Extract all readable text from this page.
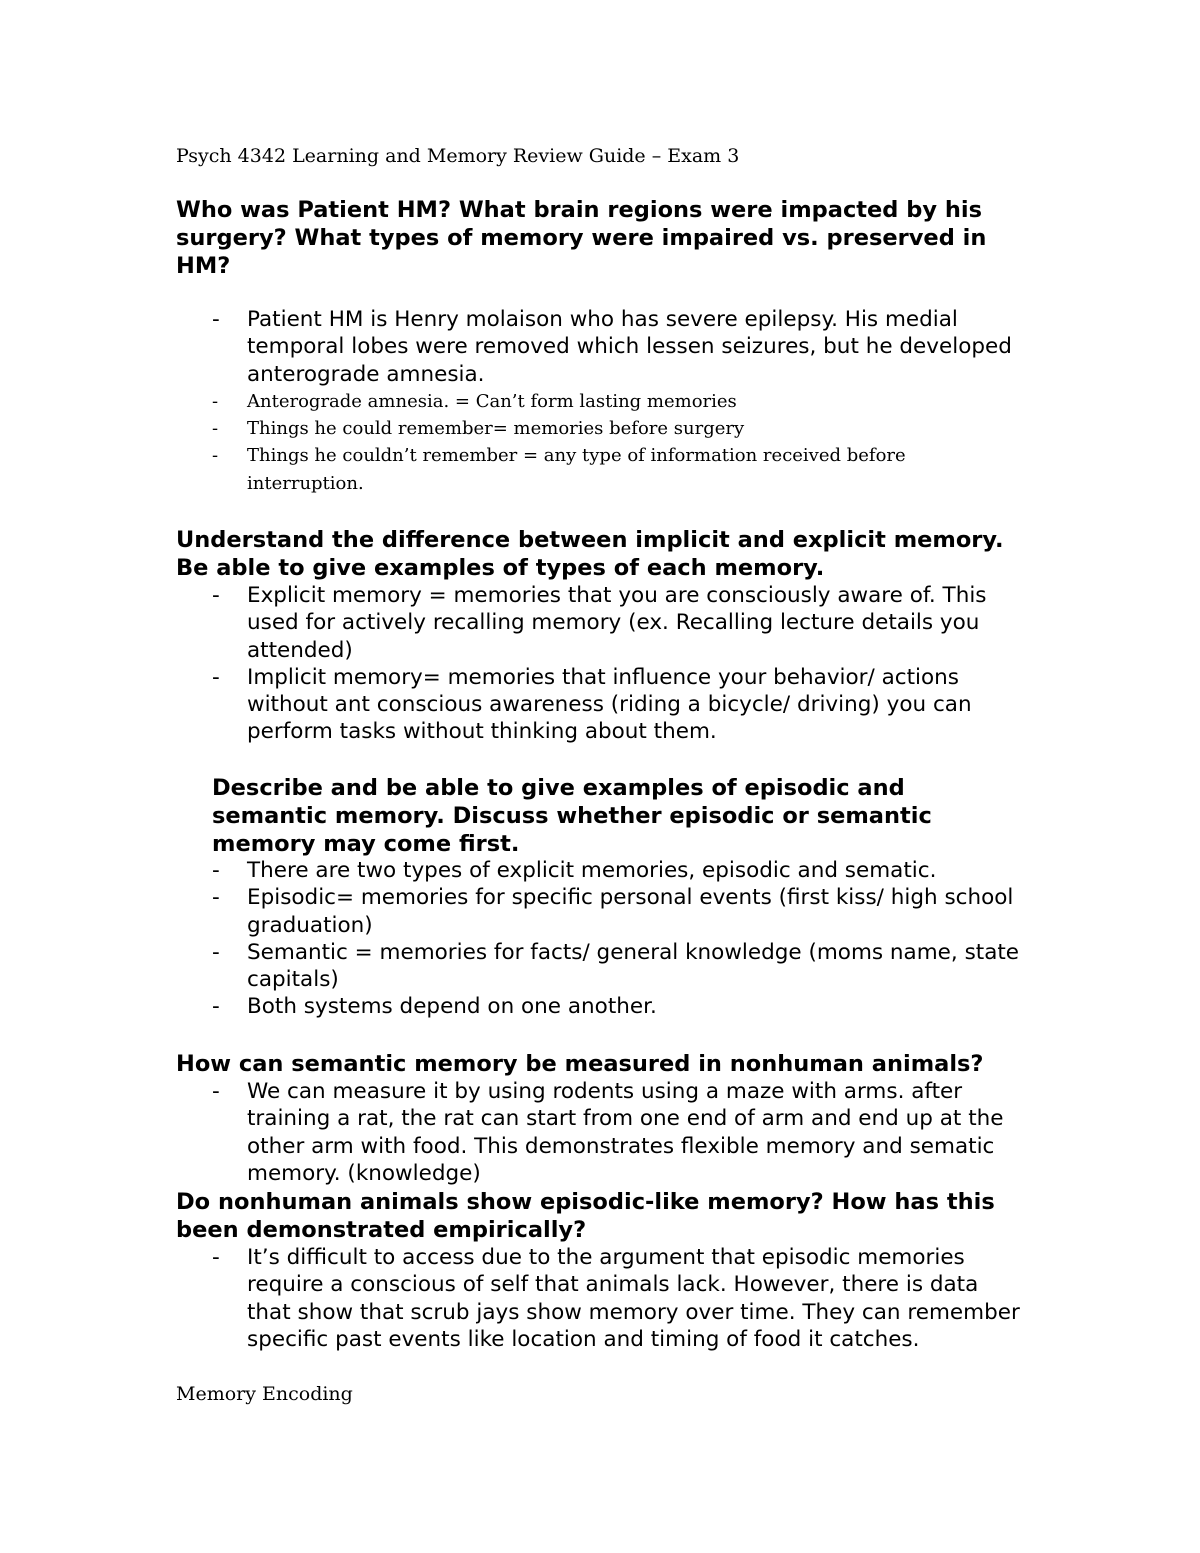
Psych 4342 Learning and Memory Review Guide – Exam 3

Who was Patient HM? What brain regions were impacted by his surgery? What types of memory were impaired vs. preserved in HM?

- Patient HM is Henry molaison who has severe epilepsy. His medial temporal lobes were removed which lessen seizures, but he developed anterograde amnesia.
- Anterograde amnesia. = Can’t form lasting memories
- Things he could remember= memories before surgery
- Things he couldn’t remember = any type of information received before interruption.

Understand the difference between implicit and explicit memory. Be able to give examples of types of each memory.

- Explicit memory = memories that you are consciously aware of. This used for actively recalling memory (ex. Recalling lecture details you attended)
- Implicit memory= memories that influence your behavior/ actions without ant conscious awareness (riding a bicycle/ driving) you can perform tasks without thinking about them.

Describe and be able to give examples of episodic and semantic memory. Discuss whether episodic or semantic memory may come first.

- There are two types of explicit memories, episodic and sematic.
- Episodic= memories for specific personal events (first kiss/ high school graduation)
- Semantic = memories for facts/ general knowledge (moms name, state capitals)
- Both systems depend on one another.

How can semantic memory be measured in nonhuman animals?

- We can measure it by using rodents using a maze with arms. after training a rat, the rat can start from one end of arm and end up at the other arm with food. This demonstrates flexible memory and sematic memory. (knowledge)

Do nonhuman animals show episodic-like memory? How has this been demonstrated empirically?

- It’s difficult to access due to the argument that episodic memories require a conscious of self that animals lack. However, there is data that show that scrub jays show memory over time. They can remember specific past events like location and timing of food it catches.
Memory Encoding
